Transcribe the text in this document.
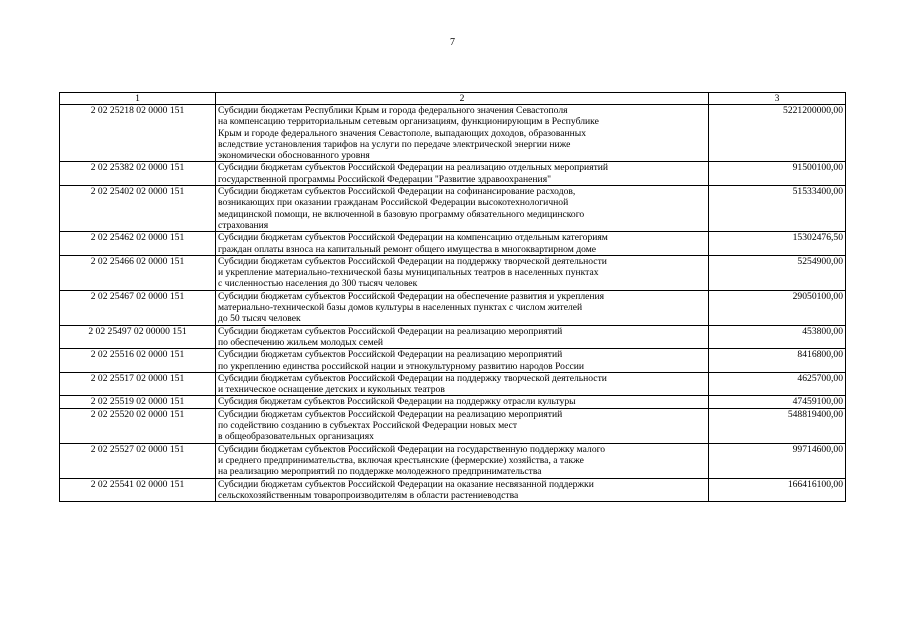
7
1	2	3
2 02 25218 02 0000 151	Субсидии бюджетам Республики Крым и города федерального значения Севастополя
на компенсацию территориальным сетевым организациям, функционирующим в Республике
Крым и городе федерального значения Севастополе, выпадающих доходов, образованных
вследствие установления тарифов на услуги по передаче электрической энергии ниже
экономически обоснованного уровня	5221200000,00
2 02 25382 02 0000 151	Субсидии бюджетам субъектов Российской Федерации на реализацию отдельных мероприятий
государственной программы Российской Федерации "Развитие здравоохранения"	91500100,00
2 02 25402 02 0000 151	Субсидии бюджетам субъектов Российской Федерации на софинансирование расходов,
возникающих при оказании гражданам Российской Федерации высокотехнологичной
медицинской помощи, не включенной в базовую программу обязательного медицинского
страхования	51533400,00
2 02 25462 02 0000 151	Субсидии бюджетам субъектов Российской Федерации на компенсацию отдельным категориям
граждан оплаты взноса на капитальный ремонт общего имущества в многоквартирном доме	15302476,50
2 02 25466 02 0000 151	Субсидии бюджетам субъектов Российской Федерации на поддержку творческой деятельности
и укрепление материально-технической базы муниципальных театров в населенных пунктах
с численностью населения до 300 тысяч человек	5254900,00
2 02 25467 02 0000 151	Субсидии бюджетам субъектов Российской Федерации на обеспечение развития и укрепления
материально-технической базы домов культуры в населенных пунктах с числом жителей
до 50 тысяч человек	29050100,00
2 02 25497 02 00000 151	Субсидии бюджетам субъектов Российской Федерации на реализацию мероприятий
по обеспечению жильем молодых семей	453800,00
2 02 25516 02 0000 151	Субсидии бюджетам субъектов Российской Федерации на реализацию мероприятий
по укреплению единства российской нации и этнокультурному развитию народов России	8416800,00
2 02 25517 02 0000 151	Субсидии бюджетам субъектов Российской Федерации на поддержку творческой деятельности
и техническое оснащение детских и кукольных театров	4625700,00
2 02 25519 02 0000 151	Субсидия бюджетам субъектов Российской Федерации на поддержку отрасли культуры	47459100,00
2 02 25520 02 0000 151	Субсидии бюджетам субъектов Российской Федерации на реализацию мероприятий
по содействию созданию в субъектах Российской Федерации новых мест
в общеобразовательных организациях	548819400,00
2 02 25527 02 0000 151	Субсидии бюджетам субъектов Российской Федерации на государственную поддержку малого
и среднего предпринимательства, включая крестьянские (фермерские) хозяйства, а также
на реализацию мероприятий по поддержке молодежного предпринимательства	99714600,00
2 02 25541 02 0000 151	Субсидии бюджетам субъектов Российской Федерации на оказание несвязанной поддержки
сельскохозяйственным товаропроизводителям в области растениеводства	166416100,00
